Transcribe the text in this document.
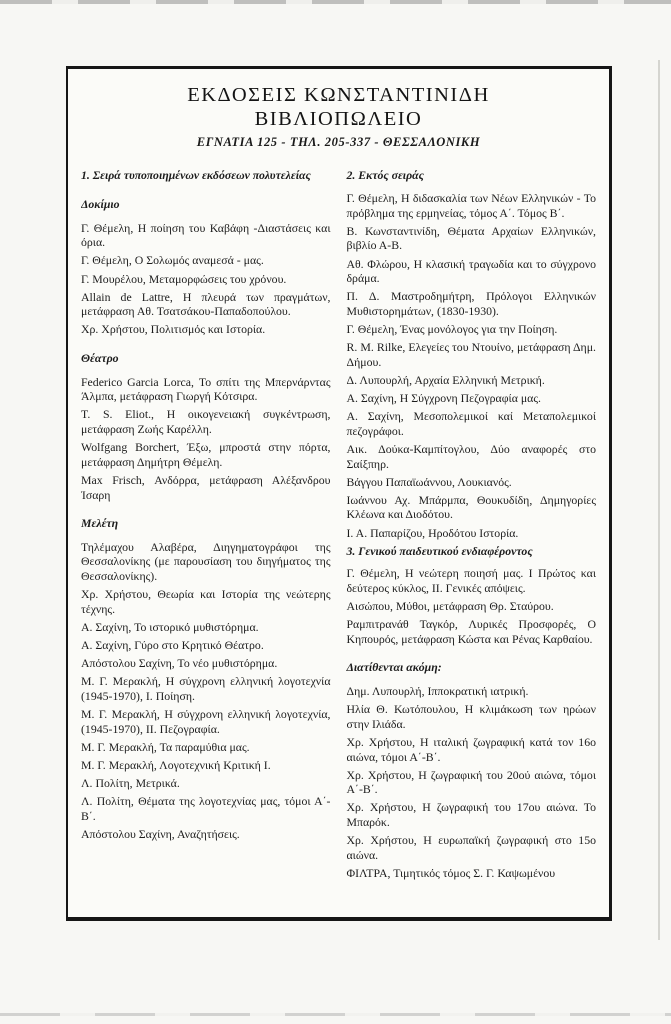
ΕΚΔΟΣΕΙΣ ΚΩΝΣΤΑΝΤΙΝΙΔΗ
ΒΙΒΛΙΟΠΩΛΕΙΟ
ΕΓΝΑΤΙΑ 125 - ΤΗΛ. 205-337 - ΘΕΣΣΑΛΟΝΙΚΗ
1. Σειρά τυποποιημένων εκδόσεων πολυτελείας
Δοκίμιο
Γ. Θέμελη, Η ποίηση του Καβάφη -Διαστάσεις και όρια.
Γ. Θέμελη, Ο Σολωμός αναμεσά - μας.
Γ. Μουρέλου, Μεταμορφώσεις του χρόνου.
Allain de Lattre, Η πλευρά των πραγμάτων, μετάφραση Αθ. Τσατσάκου-Παπαδοπούλου.
Χρ. Χρήστου, Πολιτισμός και Ιστορία.
Θέατρο
Federico Garcia Lorca, Το σπίτι της Μπερνάρντας Άλμπα, μετάφραση Γιωργή Κότσιρα.
T. S. Eliot., Η οικογενειακή συγκέντρωση, μετάφραση Ζωής Καρέλλη.
Wolfgang Borchert, Έξω, μπροστά στην πόρτα, μετάφραση Δημήτρη Θέμελη.
Max Frisch, Ανδόρρα, μετάφραση Αλέξανδρου Ίσαρη
Μελέτη
Τηλέμαχου Αλαβέρα, Διηγηματογράφοι της Θεσσαλονίκης (με παρουσίαση του διηγήματος της Θεσσαλονίκης).
Χρ. Χρήστου, Θεωρία και Ιστορία της νεώτερης τέχνης.
Α. Σαχίνη, Το ιστορικό μυθιστόρημα.
Α. Σαχίνη, Γύρο στο Κρητικό Θέατρο.
Απόστολου Σαχίνη, Το νέο μυθιστόρημα.
Μ. Γ. Μερακλή, Η σύγχρονη ελληνική λογοτεχνία (1945-1970), Ι. Ποίηση.
Μ. Γ. Μερακλή, Η σύγχρονη ελληνική λογοτεχνία, (1945-1970), ΙΙ. Πεζογραφία.
Μ. Γ. Μερακλή, Τα παραμύθια μας.
Μ. Γ. Μερακλή, Λογοτεχνική Κριτική Ι.
Λ. Πολίτη, Μετρικά.
Λ. Πολίτη, Θέματα της λογοτεχνίας μας, τόμοι Α΄-Β΄.
Απόστολου Σαχίνη, Αναζητήσεις.
2. Εκτός σειράς
Γ. Θέμελη, Η διδασκαλία των Νέων Ελληνικών - Το πρόβλημα της ερμηνείας, τόμος Α΄. Τόμος Β΄.
Β. Κωνσταντινίδη, Θέματα Αρχαίων Ελληνικών, βιβλίο Α-Β.
Αθ. Φλώρου, Η κλασική τραγωδία και το σύγχρονο δράμα.
Π. Δ. Μαστροδημήτρη, Πρόλογοι Ελληνικών Μυθιστορημάτων, (1830-1930).
Γ. Θέμελη, Ένας μονόλογος για την Ποίηση.
R. M. Rilke, Ελεγείες του Ντουίνο, μετάφραση Δημ. Δήμου.
Δ. Λυπουρλή, Αρχαία Ελληνική Μετρική.
Α. Σαχίνη, Η Σύγχρονη Πεζογραφία μας.
Α. Σαχίνη, Μεσοπολεμικοί καί Μεταπολεμικοί πεζογράφοι.
Αικ. Δούκα-Καμπίτογλου, Δύο αναφορές στο Σαίξπηρ.
Βάγγου Παπαϊωάννου, Λουκιανός.
Ιωάννου Αχ. Μπάρμπα, Θουκυδίδη, Δημηγορίες Κλέωνα και Διοδότου.
Ι. Α. Παπαρίζου, Ηροδότου Ιστορία.
3. Γενικού παιδευτικού ενδιαφέροντος
Γ. Θέμελη, Η νεώτερη ποιησή μας. Ι Πρώτος και δεύτερος κύκλος, ΙΙ. Γενικές απόψεις.
Αισώπου, Μύθοι, μετάφραση Θρ. Σταύρου.
Ραμπιτρανάθ Ταγκόρ, Λυρικές Προσφορές, Ο Κηπουρός, μετάφραση Κώστα και Ρένας Καρθαίου.
Διατίθενται ακόμη:
Δημ. Λυπουρλή, Ιπποκρατική ιατρική.
Ηλία Θ. Κωτόπουλου, Η κλιμάκωση των ηρώων στην Ιλιάδα.
Χρ. Χρήστου, Η ιταλική ζωγραφική κατά τον 16ο αιώνα, τόμοι Α΄-Β΄.
Χρ. Χρήστου, Η ζωγραφική του 20ού αιώνα, τόμοι Α΄-Β΄.
Χρ. Χρήστου, Η ζωγραφική του 17ου αιώνα. Το Μπαρόκ.
Χρ. Χρήστου, Η ευρωπαϊκή ζωγραφική στο 15ο αιώνα.
ΦΙΛΤΡΑ, Τιμητικός τόμος Σ. Γ. Καψωμένου
